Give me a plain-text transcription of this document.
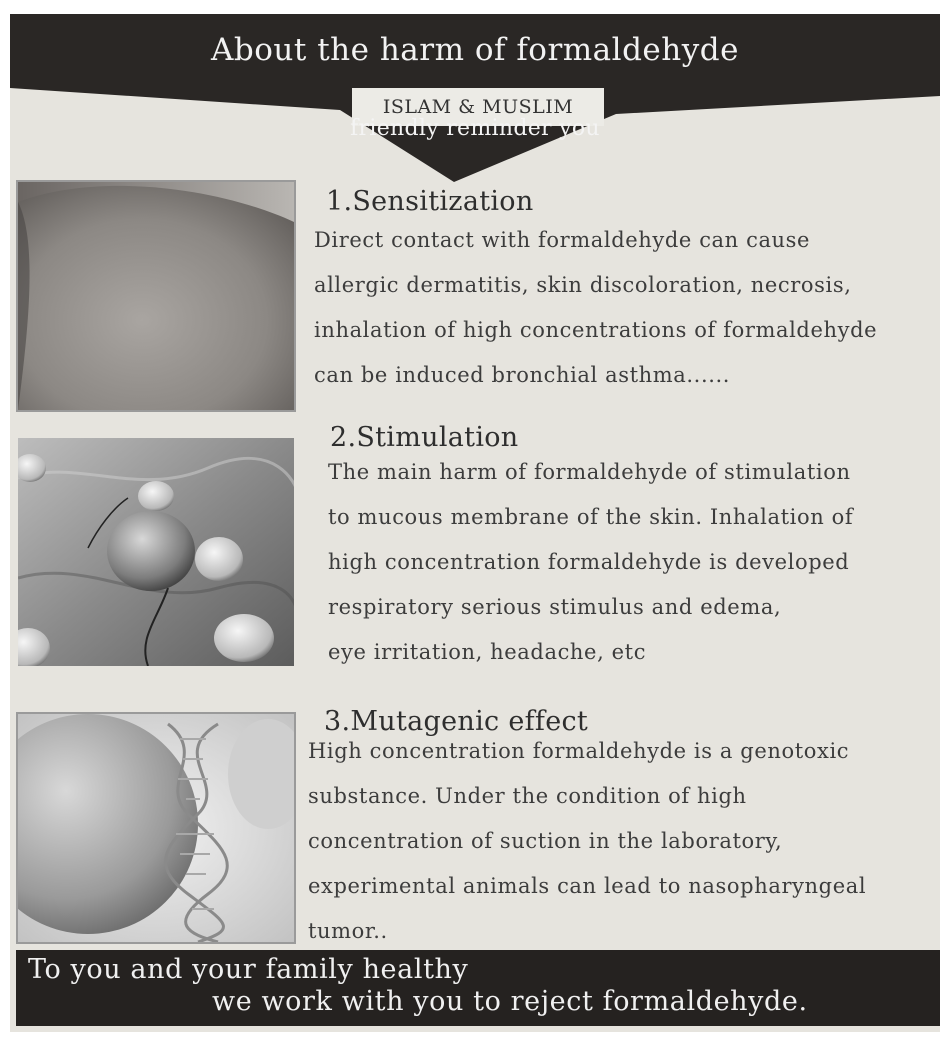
About the harm of formaldehyde
ISLAM & MUSLIM
1.Sensitization
Direct contact with formaldehyde can cause
allergic dermatitis, skin discoloration, necrosis,
inhalation of high concentrations of formaldehyde
can be induced bronchial asthma......
2.Stimulation
The main harm of formaldehyde of stimulation
to mucous membrane of the skin. Inhalation of
high concentration formaldehyde is developed
respiratory serious stimulus and edema,
eye irritation, headache, etc
3.Mutagenic effect
High concentration formaldehyde is a genotoxic
substance. Under the condition of high
concentration of suction in the laboratory,
experimental animals can lead to nasopharyngeal
tumor..
To you and your family healthy
we work with you to reject formaldehyde.
friendly reminder you
